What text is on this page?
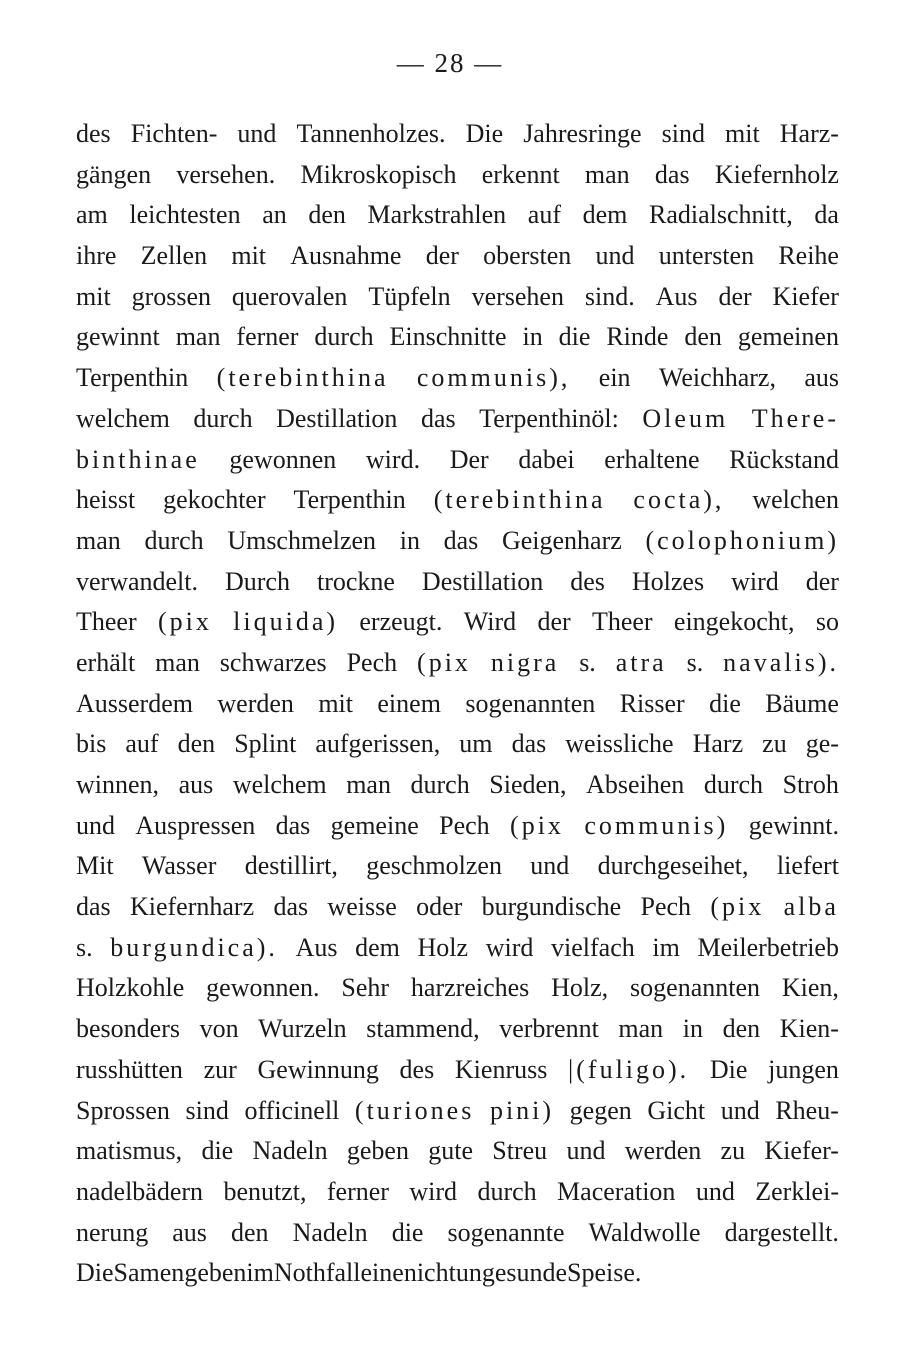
— 28 —
des Fichten- und Tannenholzes. Die Jahresringe sind mit Harz-
gängen versehen. Mikroskopisch erkennt man das Kiefernholz
am leichtesten an den Markstrahlen auf dem Radialschnitt, da
ihre Zellen mit Ausnahme der obersten und untersten Reihe
mit grossen querovalen Tüpfeln versehen sind. Aus der Kiefer
gewinnt man ferner durch Einschnitte in die Rinde den gemeinen
Terpenthin (terebinthina communis), ein Weichharz, aus
welchem durch Destillation das Terpenthinöl: Oleum There-
binthinae gewonnen wird. Der dabei erhaltene Rückstand
heisst gekochter Terpenthin (terebinthina cocta), welchen
man durch Umschmelzen in das Geigenharz (colophonium)
verwandelt. Durch trockne Destillation des Holzes wird der
Theer (pix liquida) erzeugt. Wird der Theer eingekocht, so
erhält man schwarzes Pech (pix nigra s. atra s. navalis).
Ausserdem werden mit einem sogenannten Risser die Bäume
bis auf den Splint aufgerissen, um das weissliche Harz zu ge-
winnen, aus welchem man durch Sieden, Abseihen durch Stroh
und Auspressen das gemeine Pech (pix communis) gewinnt.
Mit Wasser destillirt, geschmolzen und durchgeseihet, liefert
das Kiefernharz das weisse oder burgundische Pech (pix alba
s. burgundica). Aus dem Holz wird vielfach im Meilerbetrieb
Holzkohle gewonnen. Sehr harzreiches Holz, sogenannten Kien,
besonders von Wurzeln stammend, verbrennt man in den Kien-
russhütten zur Gewinnung des Kienruss |(fuligo). Die jungen
Sprossen sind officinell (turiones pini) gegen Gicht und Rheu-
matismus, die Nadeln geben gute Streu und werden zu Kiefer-
nadelbädern benutzt, ferner wird durch Maceration und Zerklei-
nerung aus den Nadeln die sogenannte Waldwolle dargestellt.
Die Samen geben im Nothfall eine nicht ungesunde Speise.
